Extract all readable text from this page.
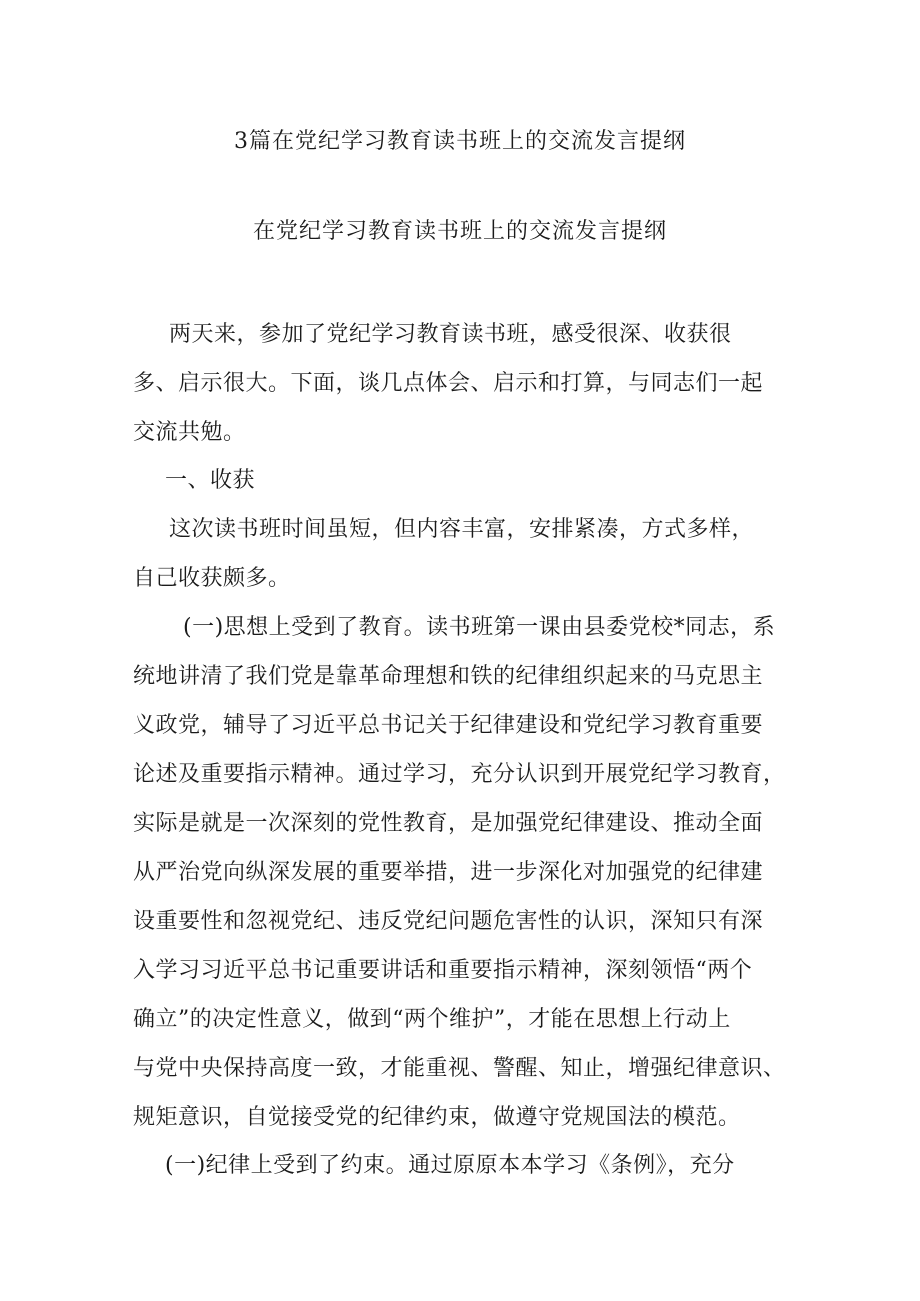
3篇在党纪学习教育读书班上的交流发言提纲
在党纪学习教育读书班上的交流发言提纲

两天来，参加了党纪学习教育读书班，感受很深、收获很
多、启示很大。下面，谈几点体会、启示和打算，与同志们一起
交流共勉。

一、收获

这次读书班时间虽短，但内容丰富，安排紧凑，方式多样，
自己收获颇多。

(一)思想上受到了教育。读书班第一课由县委党校*同志，系
统地讲清了我们党是靠革命理想和铁的纪律组织起来的马克思主
义政党，辅导了习近平总书记关于纪律建设和党纪学习教育重要
论述及重要指示精神。通过学习，充分认识到开展党纪学习教育，
实际是就是一次深刻的党性教育，是加强党纪律建设、推动全面
从严治党向纵深发展的重要举措，进一步深化对加强党的纪律建
设重要性和忽视党纪、违反党纪问题危害性的认识，深知只有深
入学习习近平总书记重要讲话和重要指示精神，深刻领悟“两个
确立”的决定性意义，做到“两个维护”，才能在思想上行动上
与党中央保持高度一致，才能重视、警醒、知止，增强纪律意识、
规矩意识，自觉接受党的纪律约束，做遵守党规国法的模范。

(一)纪律上受到了约束。通过原原本本学习《条例》，充分
